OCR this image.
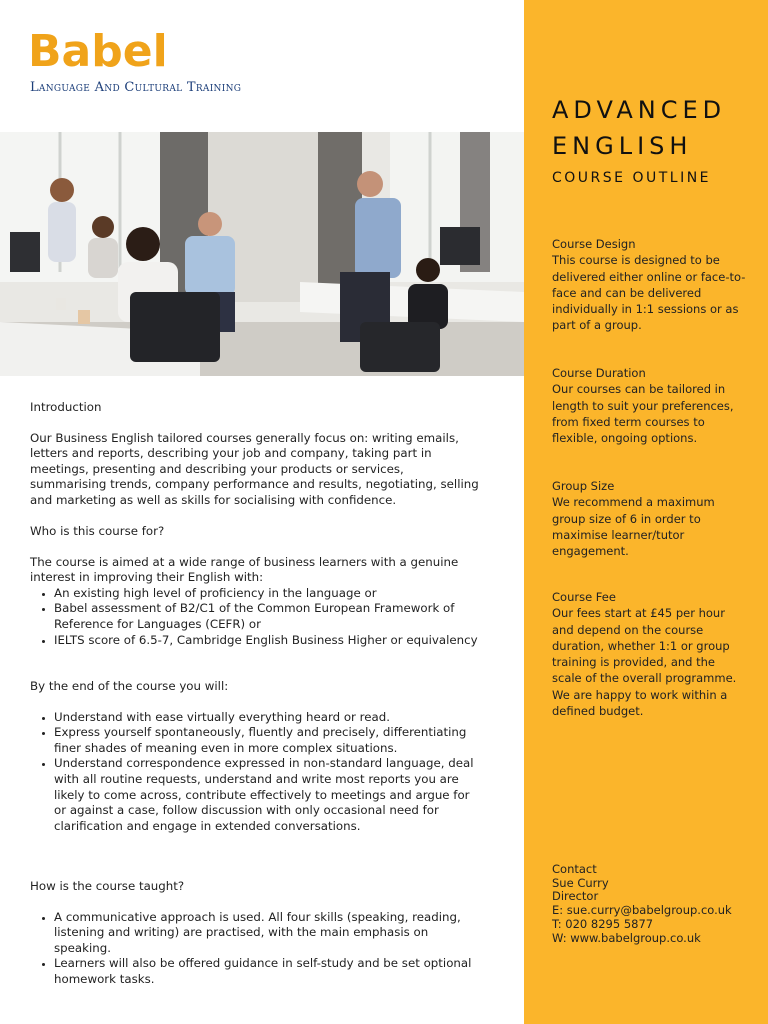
Babel
Language And Cultural Training
ADVANCED
ENGLISH
COURSE OUTLINE
Course Design
This course is designed to be delivered either online or face-to-face and can be delivered individually in 1:1 sessions or as part of a group.
Course Duration
Our courses can be tailored in length to suit your preferences, from fixed term courses to flexible, ongoing options.
Group Size
We recommend a maximum group size of 6 in order to maximise learner/tutor engagement.
Course Fee
Our fees start at £45 per hour and depend on the course duration, whether 1:1 or group training is provided, and the scale of the overall programme. We are happy to work within a defined budget.
Contact
Sue Curry
Director
E: sue.curry@babelgroup.co.uk
T: 020 8295 5877
W: www.babelgroup.co.uk

Introduction

Our Business English tailored courses generally focus on: writing emails, letters and reports, describing your job and company, taking part in meetings, presenting and describing your products or services, summarising trends, company performance and results, negotiating, selling and marketing as well as skills for socialising with confidence.

Who is this course for?

The course is aimed at a wide range of business learners with a genuine interest in improving their English with:

• An existing high level of proficiency in the language or
• Babel assessment of B2/C1 of the Common European Framework of Reference for Languages (CEFR) or
• IELTS score of 6.5-7, Cambridge English Business Higher or equivalency

By the end of the course you will:

• Understand with ease virtually everything heard or read.
• Express yourself spontaneously, fluently and precisely, differentiating finer shades of meaning even in more complex situations.
• Understand correspondence expressed in non-standard language, deal with all routine requests, understand and write most reports you are likely to come across, contribute effectively to meetings and argue for or against a case, follow discussion with only occasional need for clarification and engage in extended conversations.

How is the course taught?

• A communicative approach is used. All four skills (speaking, reading, listening and writing) are practised, with the main emphasis on speaking.
• Learners will also be offered guidance in self-study and be set optional homework tasks.
